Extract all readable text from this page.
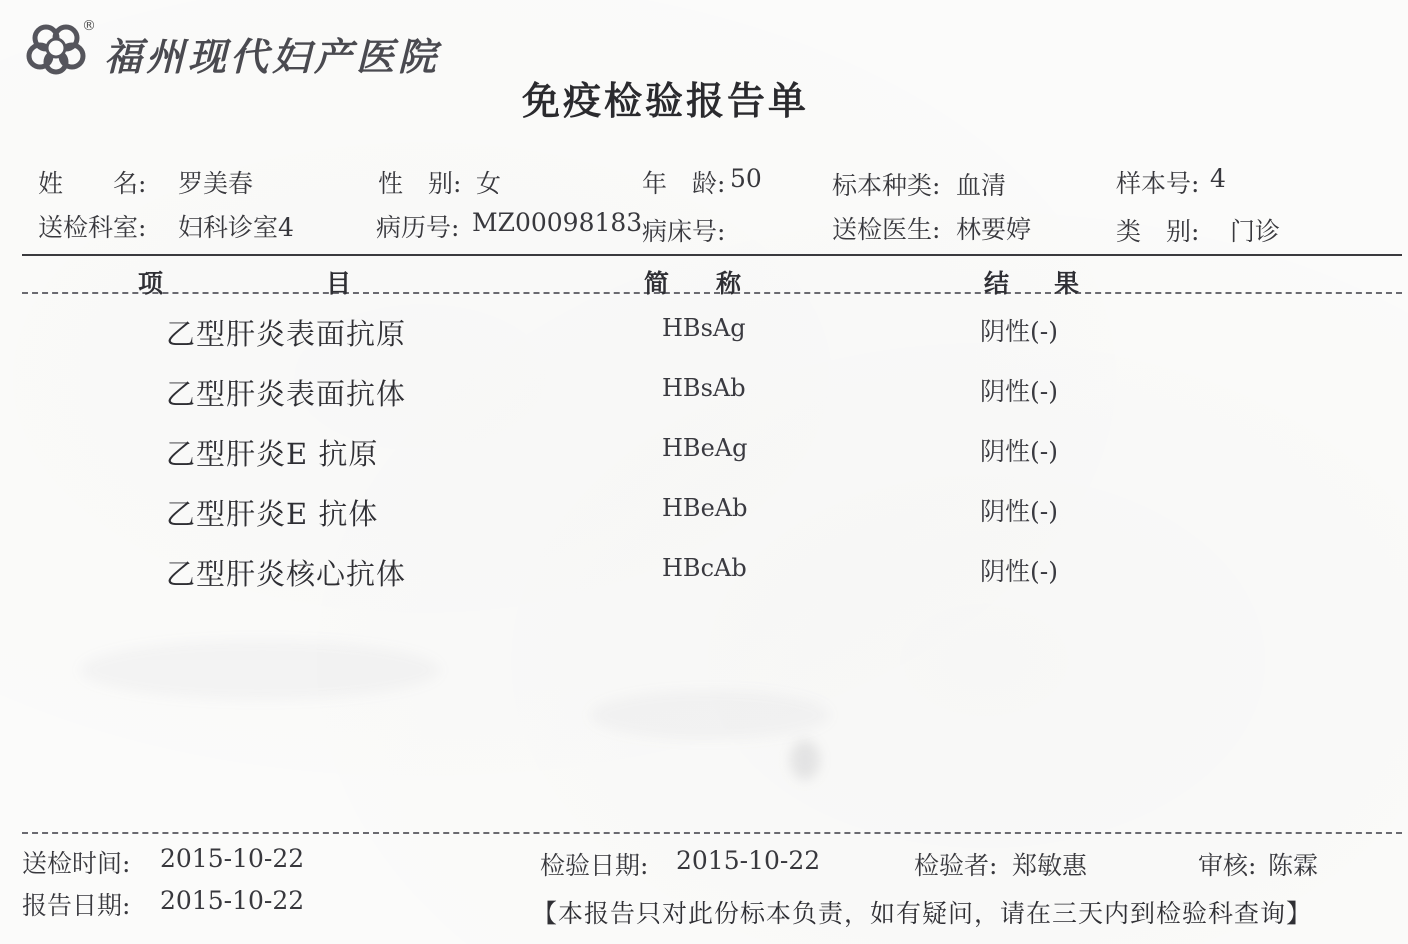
®
福州现代妇产医院
免疫检验报告单
姓　　名: 罗美春	性　别: 女	年　龄: 50	标本种类: 血清	样本号: 4
送检科室: 妇科诊室4	病历号: MZ00098183 病床号:	送检医生: 林要婷	类　别: 门诊
项	目	简 称	结 果
乙型肝炎表面抗原	HBsAg	阴性(-)
乙型肝炎表面抗体	HBsAb	阴性(-)
乙型肝炎E 抗原	HBeAg	阴性(-)
乙型肝炎E 抗体	HBeAb	阴性(-)
乙型肝炎核心抗体	HBcAb	阴性(-)
送检时间: 2015-10-22	检验日期: 2015-10-22	检验者: 郑敏惠	审核: 陈霖
报告日期: 2015-10-22	【本报告只对此份标本负责，如有疑问，请在三天内到检验科查询】
